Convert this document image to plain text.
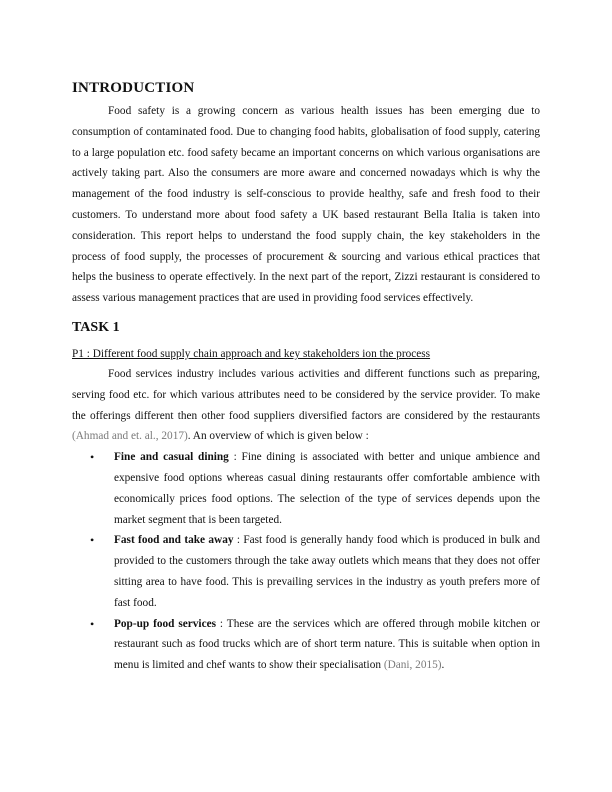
INTRODUCTION

Food safety is a growing concern as various health issues has been emerging due to consumption of contaminated food. Due to changing food habits, globalisation of food supply, catering to a large population etc. food safety became an important concerns on which various organisations are actively taking part. Also the consumers are more aware and concerned nowadays which is why the management of the food industry is self-conscious to provide healthy, safe and fresh food to their customers. To understand more about food safety a UK based restaurant Bella Italia is taken into consideration. This report helps to understand the food supply chain, the key stakeholders in the process of food supply, the processes of procurement & sourcing and various ethical practices that helps the business to operate effectively. In the next part of the report, Zizzi restaurant is considered to assess various management practices that are used in providing food services effectively.

TASK 1

P1 : Different food supply chain approach and key stakeholders ion the process

Food services industry includes various activities and different functions such as preparing, serving food etc. for which various attributes need to be considered by the service provider. To make the offerings different then other food suppliers diversified factors are considered by the restaurants (Ahmad and et. al., 2017). An overview of which is given below :

• Fine and casual dining : Fine dining is associated with better and unique ambience and expensive food options whereas casual dining restaurants offer comfortable ambience with economically prices food options. The selection of the type of services depends upon the market segment that is been targeted.
• Fast food and take away : Fast food is generally handy food which is produced in bulk and provided to the customers through the take away outlets which means that they does not offer sitting area to have food. This is prevailing services in the industry as youth prefers more of fast food.
• Pop-up food services : These are the services which are offered through mobile kitchen or restaurant such as food trucks which are of short term nature. This is suitable when option in menu is limited and chef wants to show their specialisation (Dani, 2015).
